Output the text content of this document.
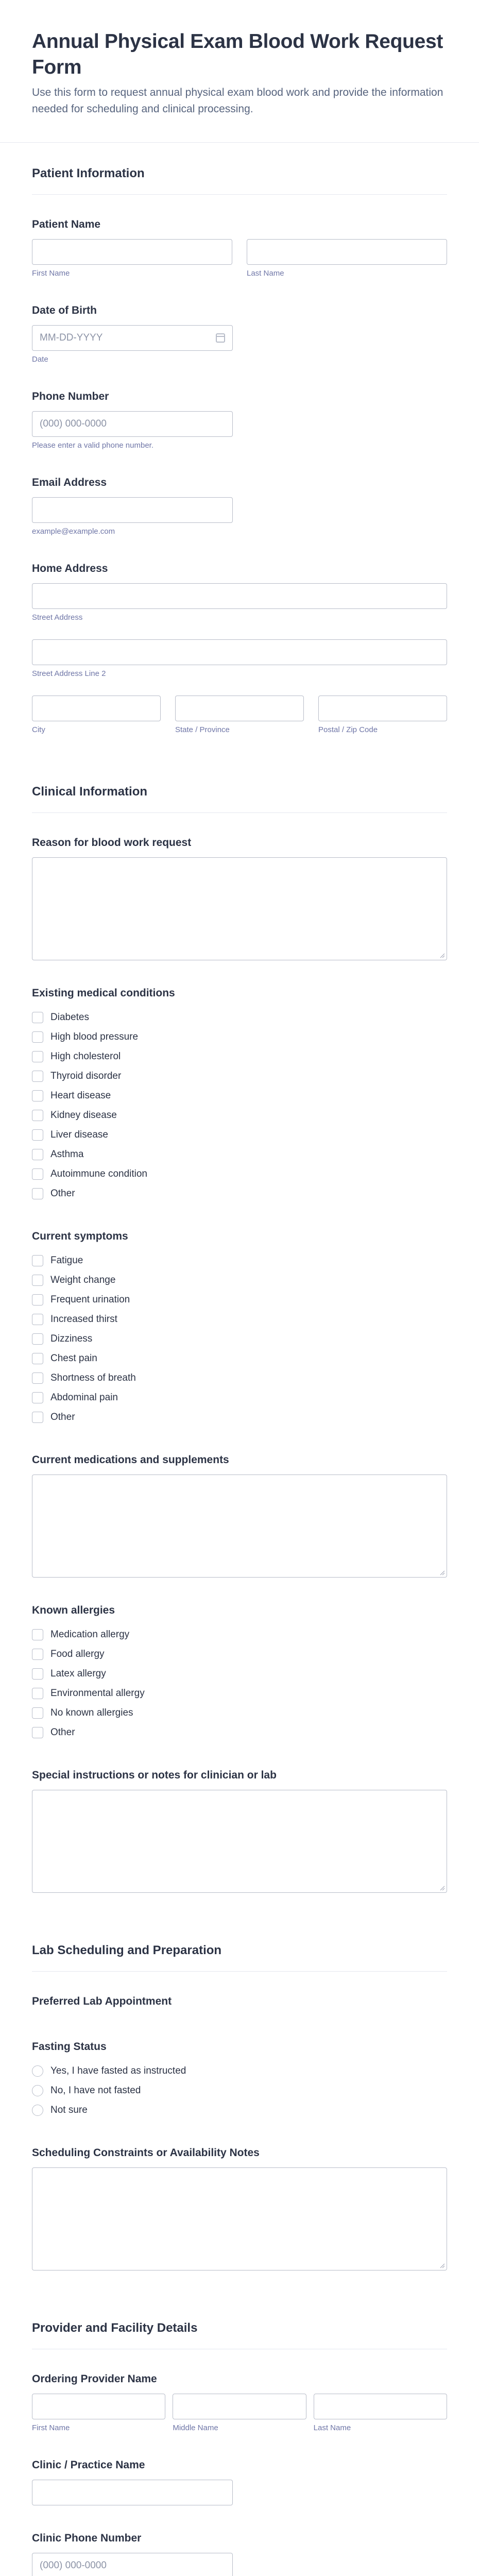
Annual Physical Exam Blood Work Request Form

Use this form to request annual physical exam blood work and provide the information needed for scheduling and clinical processing.

Patient Information
Patient Name
First Name	Last Name
Date of Birth
MM-DD-YYYY
Date
Phone Number
(000) 000-0000
Please enter a valid phone number.
Email Address
example@example.com
Home Address
Street Address
Street Address Line 2
City	State / Province	Postal / Zip Code
Clinical Information
Reason for blood work request
Existing medical conditions
Diabetes
High blood pressure
High cholesterol
Thyroid disorder
Heart disease
Kidney disease
Liver disease
Asthma
Autoimmune condition
Other
Current symptoms
Fatigue
Weight change
Frequent urination
Increased thirst
Dizziness
Chest pain
Shortness of breath
Abdominal pain
Other
Current medications and supplements
Known allergies
Medication allergy
Food allergy
Latex allergy
Environmental allergy
No known allergies
Other
Special instructions or notes for clinician or lab
Lab Scheduling and Preparation
Preferred Lab Appointment
Fasting Status
Yes, I have fasted as instructed
No, I have not fasted
Not sure
Scheduling Constraints or Availability Notes
Provider and Facility Details
Ordering Provider Name
First Name	Middle Name	Last Name
Clinic / Practice Name
Clinic Phone Number
(000) 000-0000
